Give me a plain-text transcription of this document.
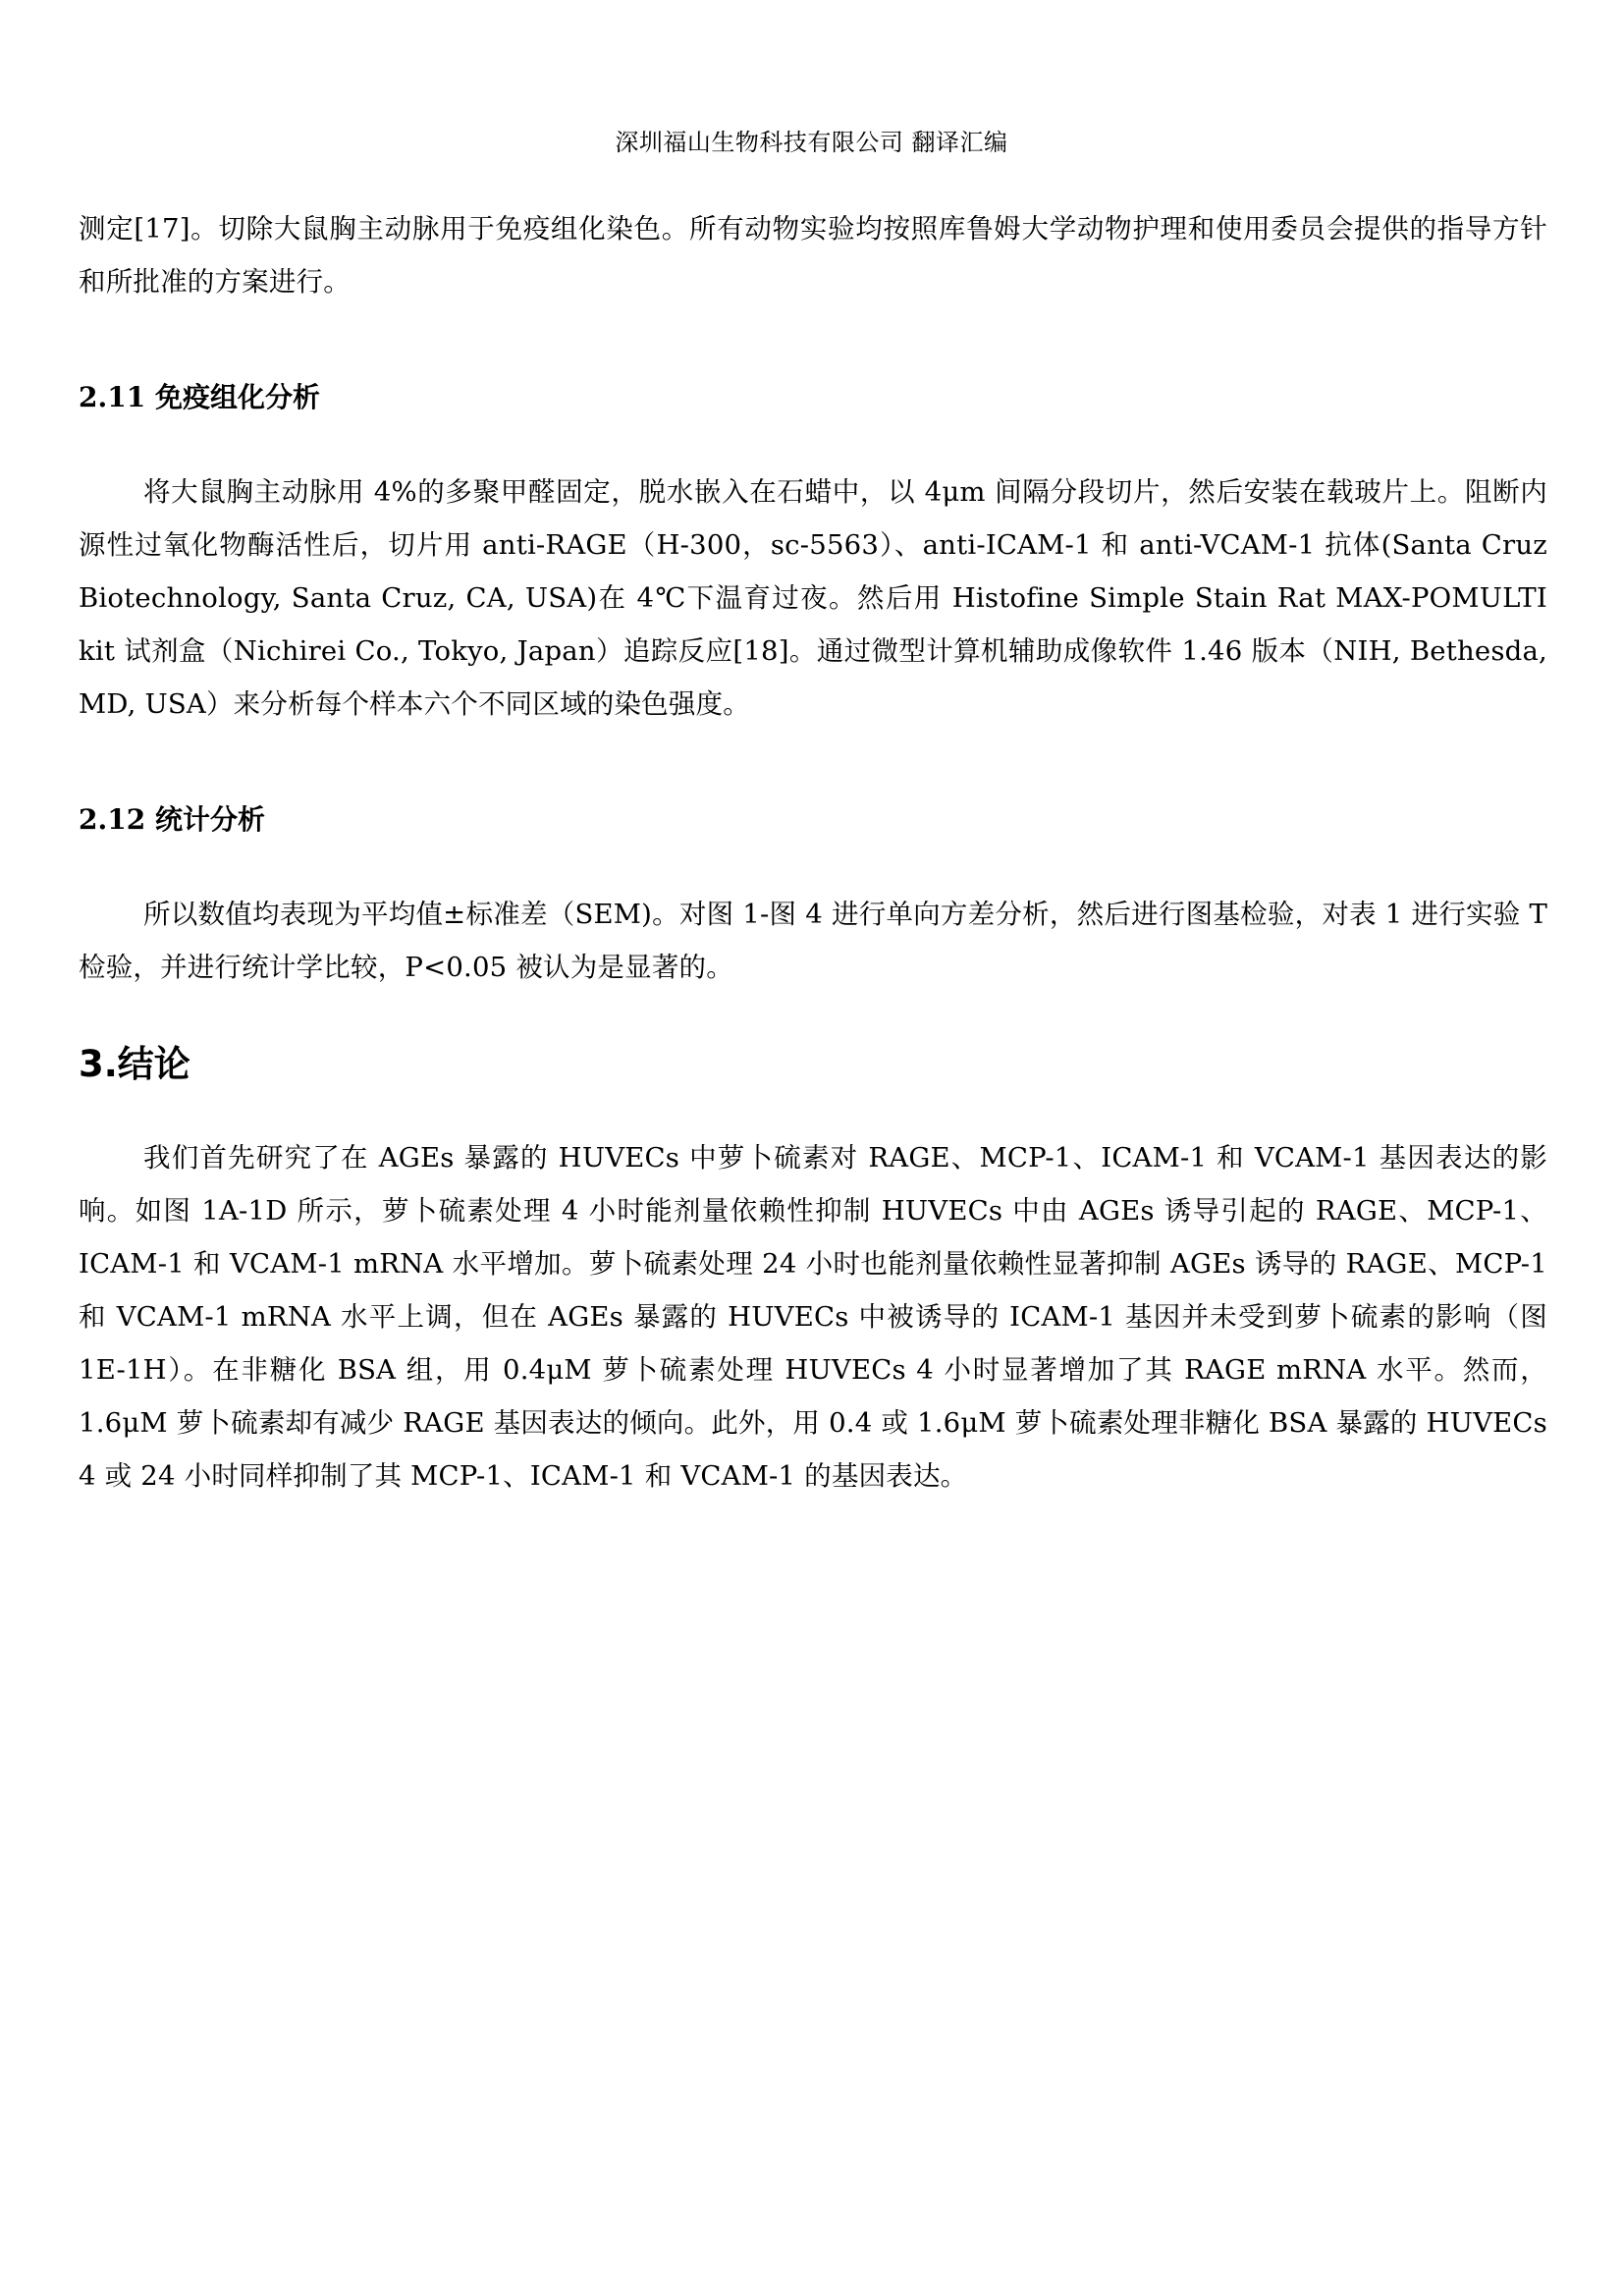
深圳福山生物科技有限公司 翻译汇编

测定[17]。切除大鼠胸主动脉用于免疫组化染色。所有动物实验均按照库鲁姆大学动物护理和使用委员会提供的指导方针和所批准的方案进行。

2.11 免疫组化分析

将大鼠胸主动脉用 4%的多聚甲醛固定，脱水嵌入在石蜡中，以 4μm 间隔分段切片，然后安装在载玻片上。阻断内源性过氧化物酶活性后，切片用 anti-RAGE（H-300，sc-5563）、anti-ICAM-1 和 anti-VCAM-1 抗体(Santa Cruz Biotechnology, Santa Cruz, CA, USA)在 4℃下温育过夜。然后用 Histofine Simple Stain Rat MAX-POMULTI kit 试剂盒（Nichirei Co., Tokyo, Japan）追踪反应[18]。通过微型计算机辅助成像软件 1.46 版本（NIH, Bethesda, MD, USA）来分析每个样本六个不同区域的染色强度。

2.12 统计分析

所以数值均表现为平均值±标准差（SEM)。对图 1-图 4 进行单向方差分析，然后进行图基检验，对表 1 进行实验 T 检验，并进行统计学比较，P<0.05 被认为是显著的。

3.结论

我们首先研究了在 AGEs 暴露的 HUVECs 中萝卜硫素对 RAGE、MCP-1、ICAM-1 和 VCAM-1 基因表达的影响。如图 1A-1D 所示，萝卜硫素处理 4 小时能剂量依赖性抑制 HUVECs 中由 AGEs 诱导引起的 RAGE、MCP-1、ICAM-1 和 VCAM-1 mRNA 水平增加。萝卜硫素处理 24 小时也能剂量依赖性显著抑制 AGEs 诱导的 RAGE、MCP-1 和 VCAM-1 mRNA 水平上调，但在 AGEs 暴露的 HUVECs 中被诱导的 ICAM-1 基因并未受到萝卜硫素的影响（图 1E-1H）。在非糖化 BSA 组，用 0.4μM 萝卜硫素处理 HUVECs 4 小时显著增加了其 RAGE mRNA 水平。然而，1.6μM 萝卜硫素却有减少 RAGE 基因表达的倾向。此外，用 0.4 或 1.6μM 萝卜硫素处理非糖化 BSA 暴露的 HUVECs 4 或 24 小时同样抑制了其 MCP-1、ICAM-1 和 VCAM-1 的基因表达。
